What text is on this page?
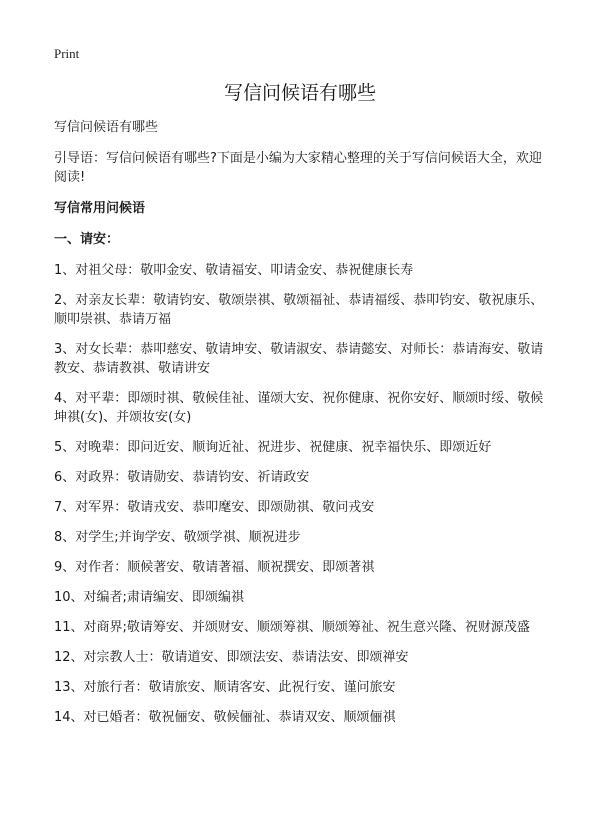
Print
写信问候语有哪些

写信问候语有哪些

引导语：写信问候语有哪些?下面是小编为大家精心整理的关于写信问候语大全，欢迎阅读!

写信常用问候语

一、请安：

1、对祖父母：敬叩金安、敬请福安、叩请金安、恭祝健康长寿

2、对亲友长辈：敬请钧安、敬颂崇祺、敬颂福祉、恭请福绥、恭叩钧安、敬祝康乐、顺叩崇祺、恭请万福

3、对女长辈：恭叩慈安、敬请坤安、敬请淑安、恭请懿安、对师长：恭请海安、敬请教安、恭请教祺、敬请讲安

4、对平辈：即颂时祺、敬候佳祉、谨颂大安、祝你健康、祝你安好、顺颂时绥、敬候坤祺(女)、并颂妆安(女)

5、对晚辈：即问近安、顺询近祉、祝进步、祝健康、祝幸福快乐、即颂近好

6、对政界：敬请勋安、恭请钧安、祈请政安

7、对军界：敬请戎安、恭叩麾安、即颂勋祺、敬问戎安

8、对学生;并询学安、敬颂学祺、顺祝进步

9、对作者：顺候著安、敬请著福、顺祝撰安、即颂著祺

10、对编者;肃请编安、即颂编祺

11、对商界;敬请筹安、并颂财安、顺颂筹祺、顺颂筹祉、祝生意兴隆、祝财源茂盛

12、对宗教人士：敬请道安、即颂法安、恭请法安、即颂禅安

13、对旅行者：敬请旅安、顺请客安、此祝行安、谨问旅安

14、对已婚者：敬祝俪安、敬候俪祉、恭请双安、顺颂俪祺
